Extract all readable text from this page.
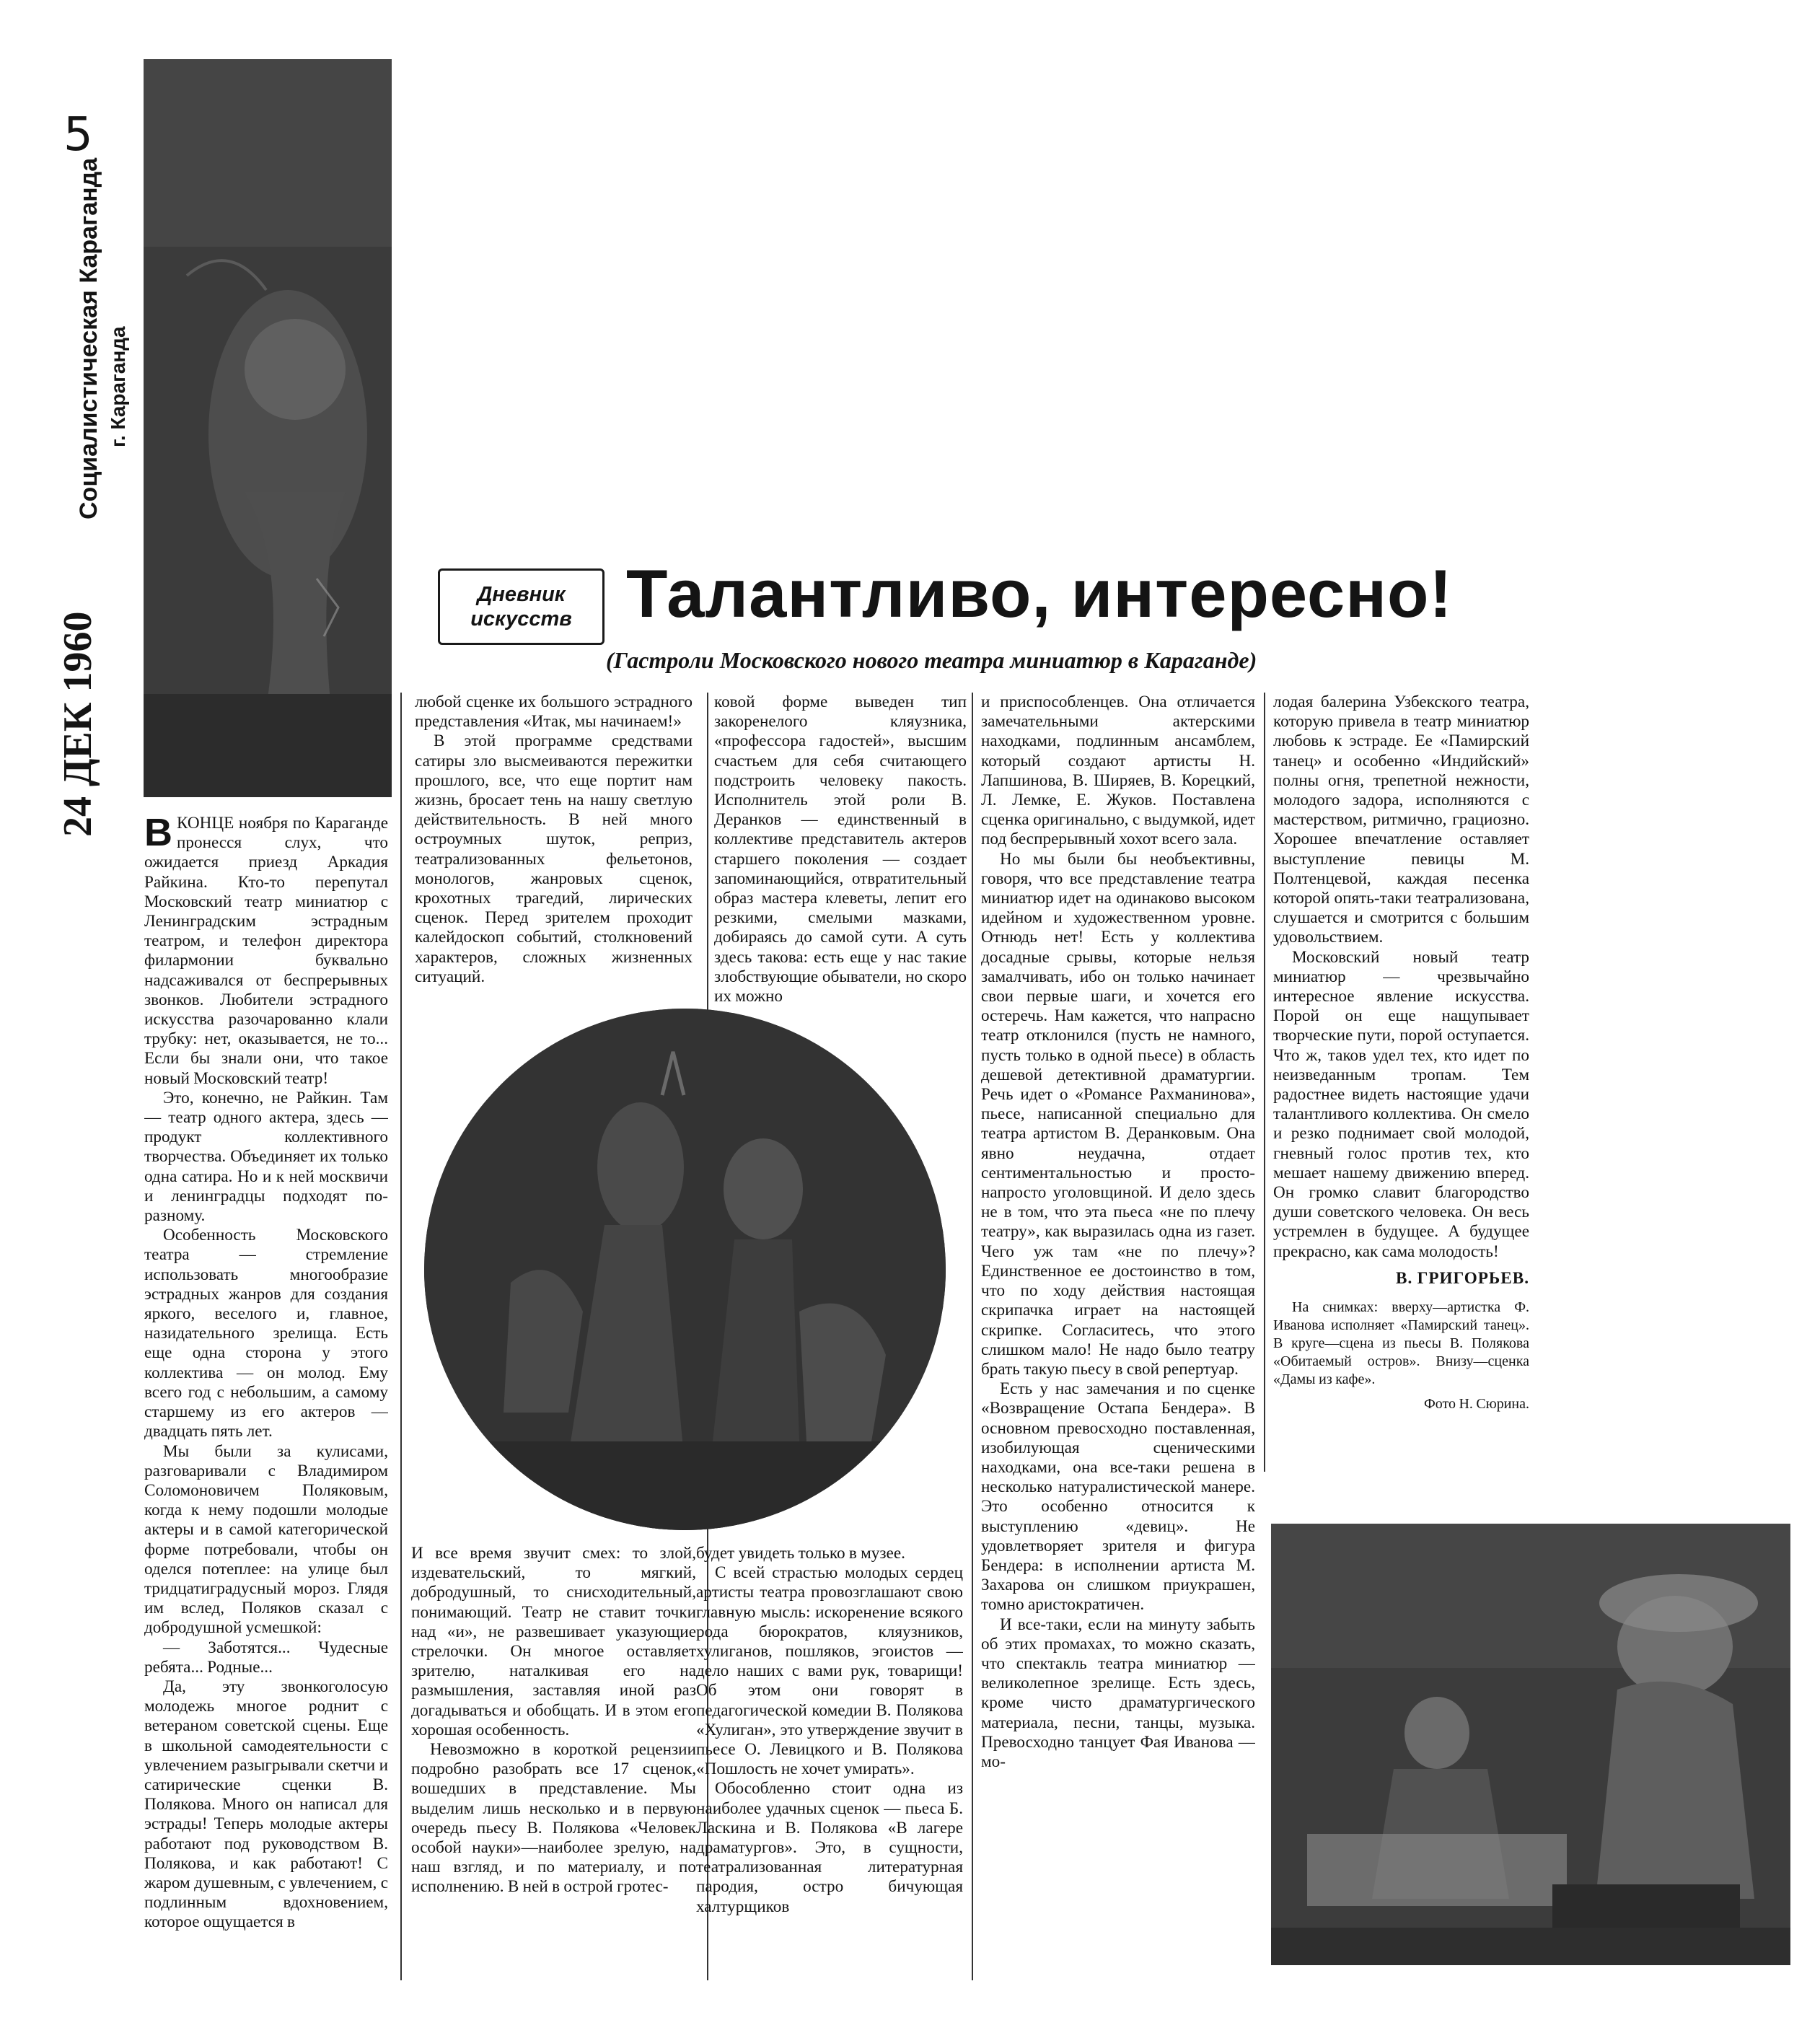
5
Социалистическая Караганда г. Караганда
24 ДЕК 1960
Дневник
искусств Талантливо, интересно!
(Гастроли Московского нового театра миниатюр в Караганде)

ВКОНЦЕ ноября по Караганде пронесся слух, что ожидается приезд Аркадия Райкина. Кто-то перепутал Московский театр миниатюр с Ленинградским эстрадным театром, и телефон директора филармонии буквально надсаживался от беспрерывных звонков. Любители эстрадного искусства разочарованно клали трубку: нет, оказывается, не то... Если бы знали они, что такое новый Московский театр!

Это, конечно, не Райкин. Там — театр одного актера, здесь — продукт коллективного творчества. Объединяет их только одна сатира. Но и к ней москвичи и ленинградцы подходят по-разному.

Особенность Московского театра — стремление использовать многообразие эстрадных жанров для создания яркого, веселого и, главное, назидательного зрелища. Есть еще одна сторона у этого коллектива — он молод. Ему всего год с небольшим, а самому старшему из его актеров — двадцать пять лет.

Мы были за кулисами, разговаривали с Владимиром Соломоновичем Поляковым, когда к нему подошли молодые актеры и в самой категорической форме потребовали, чтобы он оделся потеплее: на улице был тридцатиградусный мороз. Глядя им вслед, Поляков сказал с добродушной усмешкой:

— Заботятся... Чудесные ребята... Родные...

Да, эту звонкоголосую молодежь многое роднит с ветераном советской сцены. Еще в школьной самодеятельности с увлечением разыгрывали скетчи и сатирические сценки В. Полякова. Много он написал для эстрады! Теперь молодые актеры работают под руководством В. Полякова, и как работают! С жаром душевным, с увлечением, с подлинным вдохновением, которое ощущается в

любой сценке их большого эстрадного представления «Итак, мы начинаем!»

В этой программе средствами сатиры зло высмеиваются пережитки прошлого, все, что еще портит нам жизнь, бросает тень на нашу светлую действительность. В ней много остроумных шуток, реприз, театрализованных фельетонов, монологов, жанровых сценок, крохотных трагедий, лирических сценок. Перед зрителем проходит калейдоскоп событий, столкновений характеров, сложных жизненных ситуаций.

ковой форме выведен тип закоренелого кляузника, «профессора гадостей», высшим счастьем для себя считающего подстроить человеку пакость. Исполнитель этой роли В. Деранков — единственный в коллективе представитель актеров старшего поколения — создает запоминающийся, отвратительный образ мастера клеветы, лепит его резкими, смелыми мазками, добираясь до самой сути. А суть здесь такова: есть еще у нас такие злобствующие обыватели, но скоро их можно

И все время звучит смех: то злой, издевательский, то мягкий, добродушный, то снисходительный, понимающий. Театр не ставит точки над «и», не развешивает указующие стрелочки. Он многое оставляет зрителю, наталкивая его на размышления, заставляя иной раз догадываться и обобщать. И в этом его хорошая особенность.

Невозможно в короткой рецензии подробно разобрать все 17 сценок, вошедших в представление. Мы выделим лишь несколько и в первую очередь пьесу В. Полякова «Человек особой науки»—наиболее зрелую, на наш взгляд, и по материалу, и по исполнению. В ней в острой гротес-

будет увидеть только в музее.

С всей страстью молодых сердец артисты театра провозглашают свою главную мысль: искоренение всякого рода бюрократов, кляузников, хулиганов, пошляков, эгоистов —дело наших с вами рук, товарищи! Об этом они говорят в педагогической комедии В. Полякова «Хулиган», это утверждение звучит в пьесе О. Левицкого и В. Полякова «Пошлость не хочет умирать».

Обособленно стоит одна из наиболее удачных сценок — пьеса Б. Ласкина и В. Полякова «В лагере драматургов». Это, в сущности, театрализованная литературная пародия, остро бичующая халтурщиков

и приспособленцев. Она отличается замечательными актерскими находками, подлинным ансамблем, который создают артисты Н. Лапшинова, В. Ширяев, В. Корецкий, Л. Лемке, Е. Жуков. Поставлена сценка оригинально, с выдумкой, идет под беспрерывный хохот всего зала.

Но мы были бы необъективны, говоря, что все представление театра миниатюр идет на одинаково высоком идейном и художественном уровне. Отнюдь нет! Есть у коллектива досадные срывы, которые нельзя замалчивать, ибо он только начинает свои первые шаги, и хочется его остеречь. Нам кажется, что напрасно театр отклонился (пусть не намного, пусть только в одной пьесе) в область дешевой детективной драматургии. Речь идет о «Романсе Рахманинова», пьесе, написанной специально для театра артистом В. Деранковым. Она явно неудачна, отдает сентиментальностью и просто-напросто уголовщиной. И дело здесь не в том, что эта пьеса «не по плечу театру», как выразилась одна из газет. Чего уж там «не по плечу»? Единственное ее достоинство в том, что по ходу действия настоящая скрипачка играет на настоящей скрипке. Согласитесь, что этого слишком мало! Не надо было театру брать такую пьесу в свой репертуар.

Есть у нас замечания и по сценке «Возвращение Остапа Бендера». В основном превосходно поставленная, изобилующая сценическими находками, она все-таки решена в несколько натуралистической манере. Это особенно относится к выступлению «девиц». Не удовлетворяет зрителя и фигура Бендера: в исполнении артиста М. Захарова он слишком приукрашен, томно аристократичен.

И все-таки, если на минуту забыть об этих промахах, то можно сказать, что спектакль театра миниатюр — великолепное зрелище. Есть здесь, кроме чисто драматургического материала, песни, танцы, музыка. Превосходно танцует Фая Иванова — мо-

лодая балерина Узбекского театра, которую привела в театр миниатюр любовь к эстраде. Ее «Памирский танец» и особенно «Индийский» полны огня, трепетной нежности, молодого задора, исполняются с мастерством, ритмично, грациозно. Хорошее впечатление оставляет выступление певицы М. Полтенцевой, каждая песенка которой опять-таки театрализована, слушается и смотрится с большим удовольствием.

Московский новый театр миниатюр — чрезвычайно интересное явление искусства. Порой он еще нащупывает творческие пути, порой оступается. Что ж, таков удел тех, кто идет по неизведанным тропам. Тем радостнее видеть настоящие удачи талантливого коллектива. Он смело и резко поднимает свой молодой, гневный голос против тех, кто мешает нашему движению вперед. Он громко славит благородство души советского человека. Он весь устремлен в будущее. А будущее прекрасно, как сама молодость!

В. ГРИГОРЬЕВ.

На снимках: вверху—артистка Ф. Иванова исполняет «Памирский танец». В круге—сцена из пьесы В. Полякова «Обитаемый остров». Внизу—сценка «Дамы из кафе».

Фото Н. Сюрина.
